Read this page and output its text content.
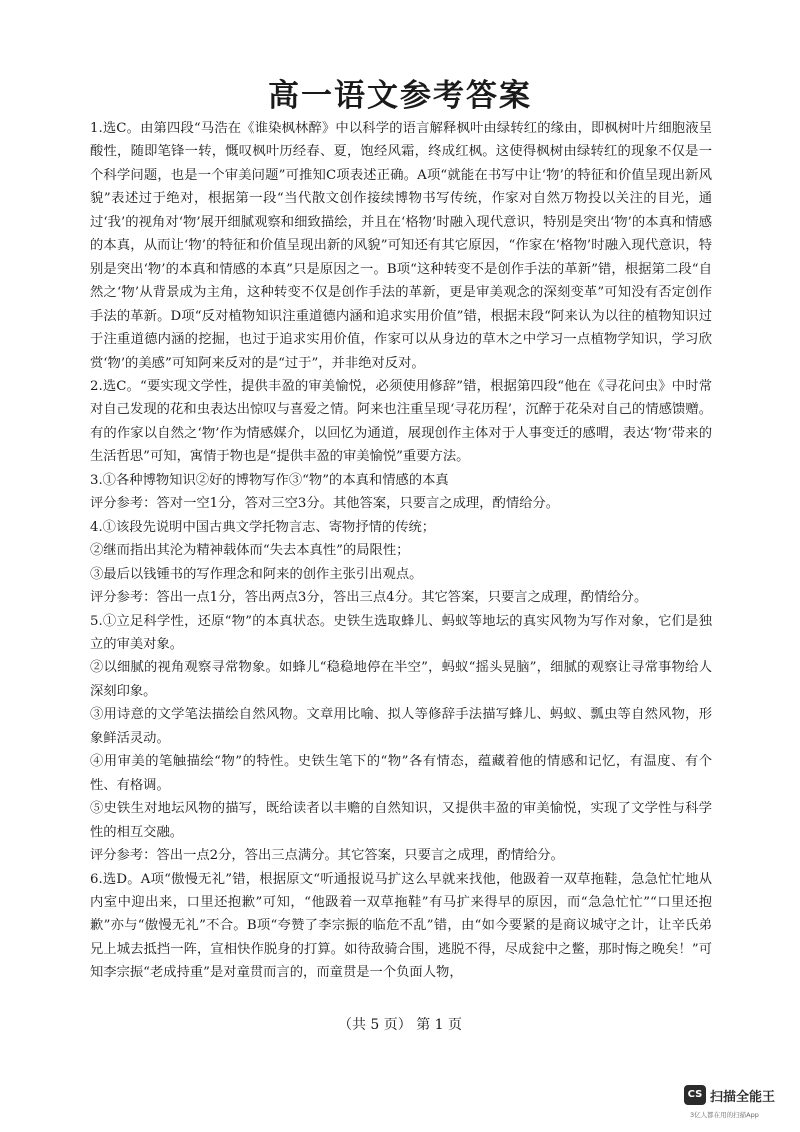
高一语文参考答案

1.选C。由第四段“马浩在《谁染枫林醉》中以科学的语言解释枫叶由绿转红的缘由，即枫树叶片细胞液呈酸性，随即笔锋一转，慨叹枫叶历经春、夏，饱经风霜，终成红枫。这使得枫树由绿转红的现象不仅是一个科学问题，也是一个审美问题”可推知C项表述正确。A项“就能在书写中让‘物’的特征和价值呈现出新风貌”表述过于绝对，根据第一段“当代散文创作接续博物书写传统，作家对自然万物投以关注的目光，通过‘我’的视角对‘物’展开细腻观察和细致描绘，并且在‘格物’时融入现代意识，特别是突出‘物’的本真和情感的本真，从而让‘物’的特征和价值呈现出新的风貌”可知还有其它原因，“作家在‘格物’时融入现代意识，特别是突出‘物’的本真和情感的本真”只是原因之一。B项“这种转变不是创作手法的革新”错，根据第二段“自然之‘物’从背景成为主角，这种转变不仅是创作手法的革新，更是审美观念的深刻变革”可知没有否定创作手法的革新。D项“反对植物知识注重道德内涵和追求实用价值”错，根据末段“阿来认为以往的植物知识过于注重道德内涵的挖掘，也过于追求实用价值，作家可以从身边的草木之中学习一点植物学知识，学习欣赏‘物’的美感”可知阿来反对的是“过于”，并非绝对反对。

2.选C。“要实现文学性，提供丰盈的审美愉悦，必须使用修辞”错，根据第四段“他在《寻花问虫》中时常对自己发现的花和虫表达出惊叹与喜爱之情。阿来也注重呈现‘寻花历程’，沉醉于花朵对自己的情感馈赠。有的作家以自然之‘物’作为情感媒介，以回忆为通道，展现创作主体对于人事变迁的感喟，表达‘物’带来的生活哲思”可知，寓情于物也是“提供丰盈的审美愉悦”重要方法。

3.①各种博物知识②好的博物写作③“物”的本真和情感的本真

评分参考：答对一空1分，答对三空3分。其他答案，只要言之成理，酌情给分。

4.①该段先说明中国古典文学托物言志、寄物抒情的传统；

②继而指出其沦为精神载体而“失去本真性”的局限性；

③最后以钱锺书的写作理念和阿来的创作主张引出观点。

评分参考：答出一点1分，答出两点3分，答出三点4分。其它答案，只要言之成理，酌情给分。

5.①立足科学性，还原“物”的本真状态。史铁生选取蜂儿、蚂蚁等地坛的真实风物为写作对象，它们是独立的审美对象。

②以细腻的视角观察寻常物象。如蜂儿“稳稳地停在半空”，蚂蚁“摇头晃脑”，细腻的观察让寻常事物给人深刻印象。

③用诗意的文学笔法描绘自然风物。文章用比喻、拟人等修辞手法描写蜂儿、蚂蚁、瓢虫等自然风物，形象鲜活灵动。

④用审美的笔触描绘“物”的特性。史铁生笔下的“物”各有情态，蕴藏着他的情感和记忆，有温度、有个性、有格调。

⑤史铁生对地坛风物的描写，既给读者以丰赡的自然知识，又提供丰盈的审美愉悦，实现了文学性与科学性的相互交融。

评分参考：答出一点2分，答出三点满分。其它答案，只要言之成理，酌情给分。

6.选D。A项“傲慢无礼”错，根据原文“听通报说马扩这么早就来找他，他趿着一双草拖鞋，急急忙忙地从内室中迎出来，口里还抱歉”可知，“他趿着一双草拖鞋”有马扩来得早的原因，而“急急忙忙”“口里还抱歉”亦与“傲慢无礼”不合。B项“夸赞了李宗振的临危不乱”错，由“如今要紧的是商议城守之计，让辛氏弟兄上城去抵挡一阵，宣相快作脱身的打算。如待敌骑合围，逃脱不得，尽成瓮中之鳖，那时悔之晚矣！”可知李宗振“老成持重”是对童贯而言的，而童贯是一个负面人物，

（共 5 页） 第 1 页
CS 扫描全能王
3亿人都在用的扫描App
